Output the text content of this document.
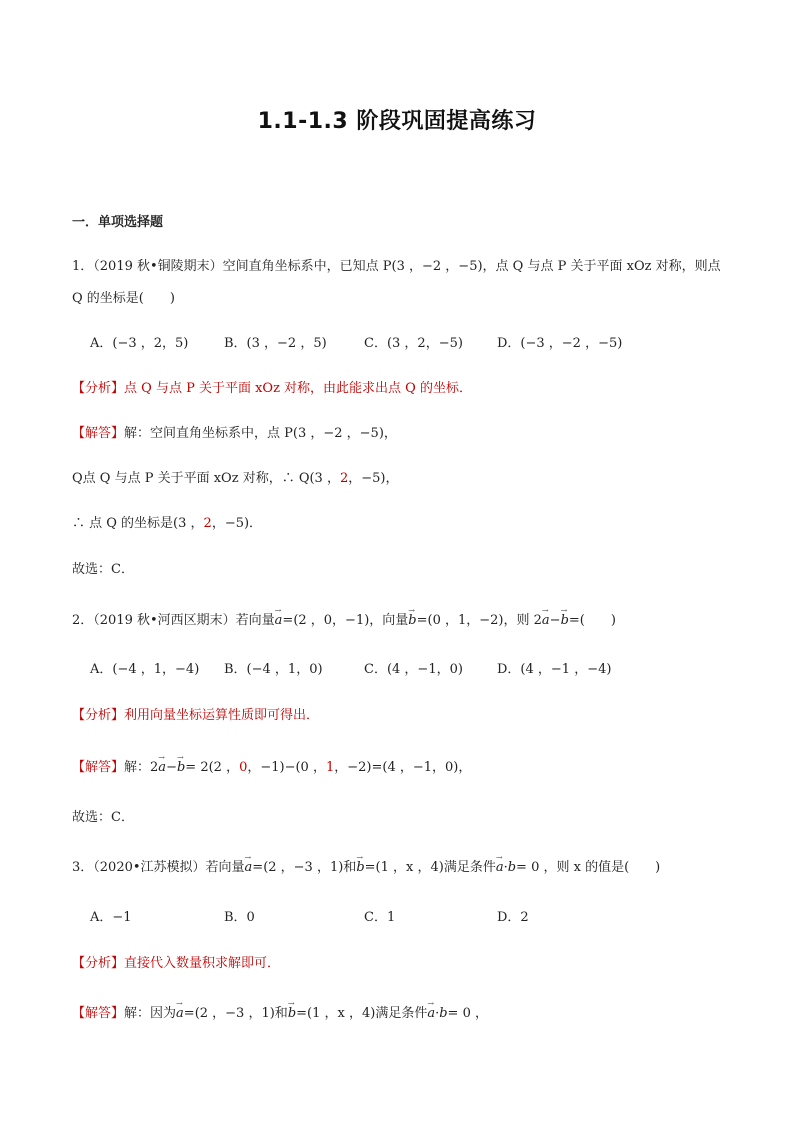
1.1-1.3 阶段巩固提高练习
一．单项选择题
1．（2019 秋•铜陵期末）空间直角坐标系中，已知点 P(3 ，−2 ，−5)，点 Q 与点 P 关于平面 xOz 对称，则点
Q 的坐标是(　　)
A．(−3 ，2，5)	B．(3 ，−2 ，5)	C．(3 ，2，−5)	D．(−3 ，−2 ，−5)
【分析】点 Q 与点 P 关于平面 xOz 对称，由此能求出点 Q 的坐标．
【解答】解：空间直角坐标系中，点 P(3 ，−2 ，−5)，
Q点 Q 与点 P 关于平面 xOz 对称，∴ Q(3 ，2，−5)，
∴ 点 Q 的坐标是(3 ，2，−5)．
故选：C．
2．（2019 秋•河西区期末）若向量→ a=(2 ，0，−1)，向量→ b=(0 ，1，−2)，则 2→ a−→ b=(　　)
A．(−4 ，1，−4) B．(−4 ，1，0)	C．(4 ，−1，0)	D．(4 ，−1 ，−4)
【分析】利用向量坐标运算性质即可得出．
【解答】解：2→ a−→ b= 2(2 ，0，−1)−(0 ，1，−2)=(4 ，−1，0)，
故选：C．
3．（2020•江苏模拟）若向量→ a=(2 ，−3 ，1)和→ b=(1 ，x ，4)满足条件→ a·b= 0 ，则 x 的值是(　　)
A．−1	B．0	C．1	D．2
【分析】直接代入数量积求解即可．
【解答】解：因为→ a=(2 ，−3 ，1)和→ b=(1 ，x ，4)满足条件→ a·b= 0 ，
